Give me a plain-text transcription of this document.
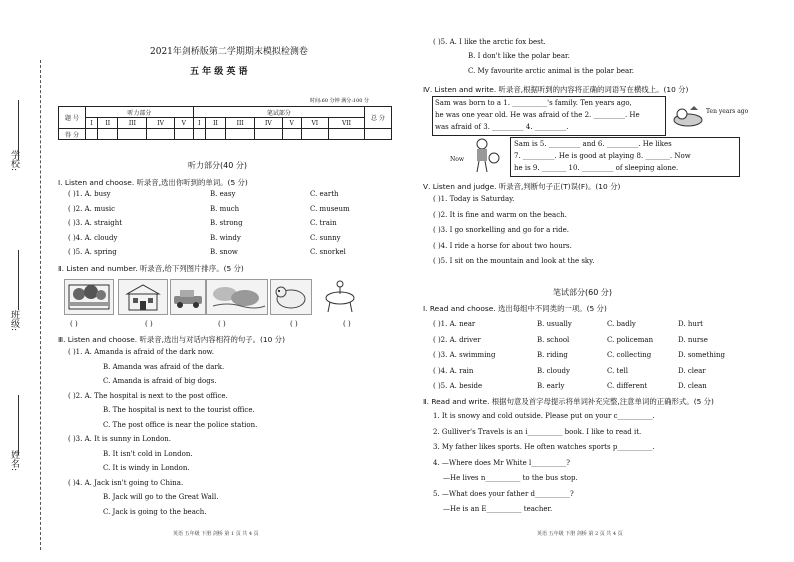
学校:
班级:
姓名:
2021年剑桥版第二学期期末模拟检测卷
五 年 级 英 语
时间:60 分钟 满分:100 分
题 号	听力部分					笔试部分							总 分
	I	II	III	IV	V	I	II	III	IV	V	VI	VII	
得 分													
听力部分(40 分)
Ⅰ. Listen and choose. 听录音,选出你听到的单词。(5 分)
( )1. A. busy	B. easy	C. earth
( )2. A. music	B. much	C. museum
( )3. A. straight	B. strong	C. train
( )4. A. cloudy	B. windy	C. sunny
( )5. A. spring	B. snow	C. snorkel
Ⅱ. Listen and number. 听录音,给下列图片排序。(5 分)
( )	( )	( )	( )	( )
Ⅲ. Listen and choose. 听录音,选出与对话内容相符的句子。(10 分)
( )1. A. Amanda is afraid of the dark now.
B. Amanda was afraid of the dark.
C. Amanda is afraid of big dogs.
( )2. A. The hospital is next to the post office.
B. The hospital is next to the tourist office.
C. The post office is near the police station.
( )3. A. It is sunny in London.
B. It isn't cold in London.
C. It is windy in London.
( )4. A. Jack isn't going to China.
B. Jack will go to the Great Wall.
C. Jack is going to the beach.
( )5. A. I like the arctic fox best.
B. I don't like the polar bear.
C. My favourite arctic animal is the polar bear.
Ⅳ. Listen and write. 听录音,根据听到的内容将正确的词语写在横线上。(10 分)
Sam was born to a 1. __________'s family. Ten years ago,
he was one year old. He was afraid of the 2. _________. He
was afraid of 3. _________ 4. _________.
Ten years ago
Now
Sam is 5. _________ and 6. _________. He likes
7. _________. He is good at playing 8. _______. Now
he is 9. _______ 10. _________ of sleeping alone.
Ⅴ. Listen and judge. 听录音,判断句子正(T)误(F)。(10 分)
( )1. Today is Saturday.
( )2. It is fine and warm on the beach.
( )3. I go snorkelling and go for a ride.
( )4. I ride a horse for about two hours.
( )5. I sit on the mountain and look at the sky.
笔试部分(60 分)
Ⅰ. Read and choose. 选出每组中不同类的一项。(5 分)
( )1. A. near	B. usually	C. badly	D. hurt
( )2. A. driver	B. school	C. policeman	D. nurse
( )3. A. swimming	B. riding	C. collecting	D. something
( )4. A. rain	B. cloudy	C. tell	D. clear
( )5. A. beside	B. early	C. different	D. clean
Ⅱ. Read and write. 根据句意及首字母提示将单词补充完整,注意单词的正确形式。(5 分)
1. It is snowy and cold outside. Please put on your c__________.
2. Gulliver's Travels is an i__________ book. I like to read it.
3. My father likes sports. He often watches sports p__________.
4. —Where does Mr White l__________?
—He lives n__________ to the bus stop.
5. —What does your father d__________?
—He is an E__________ teacher.
英语 五年级 下册 剑桥 第 1 页 共 4 页	英语 五年级 下册 剑桥 第 2 页 共 4 页
